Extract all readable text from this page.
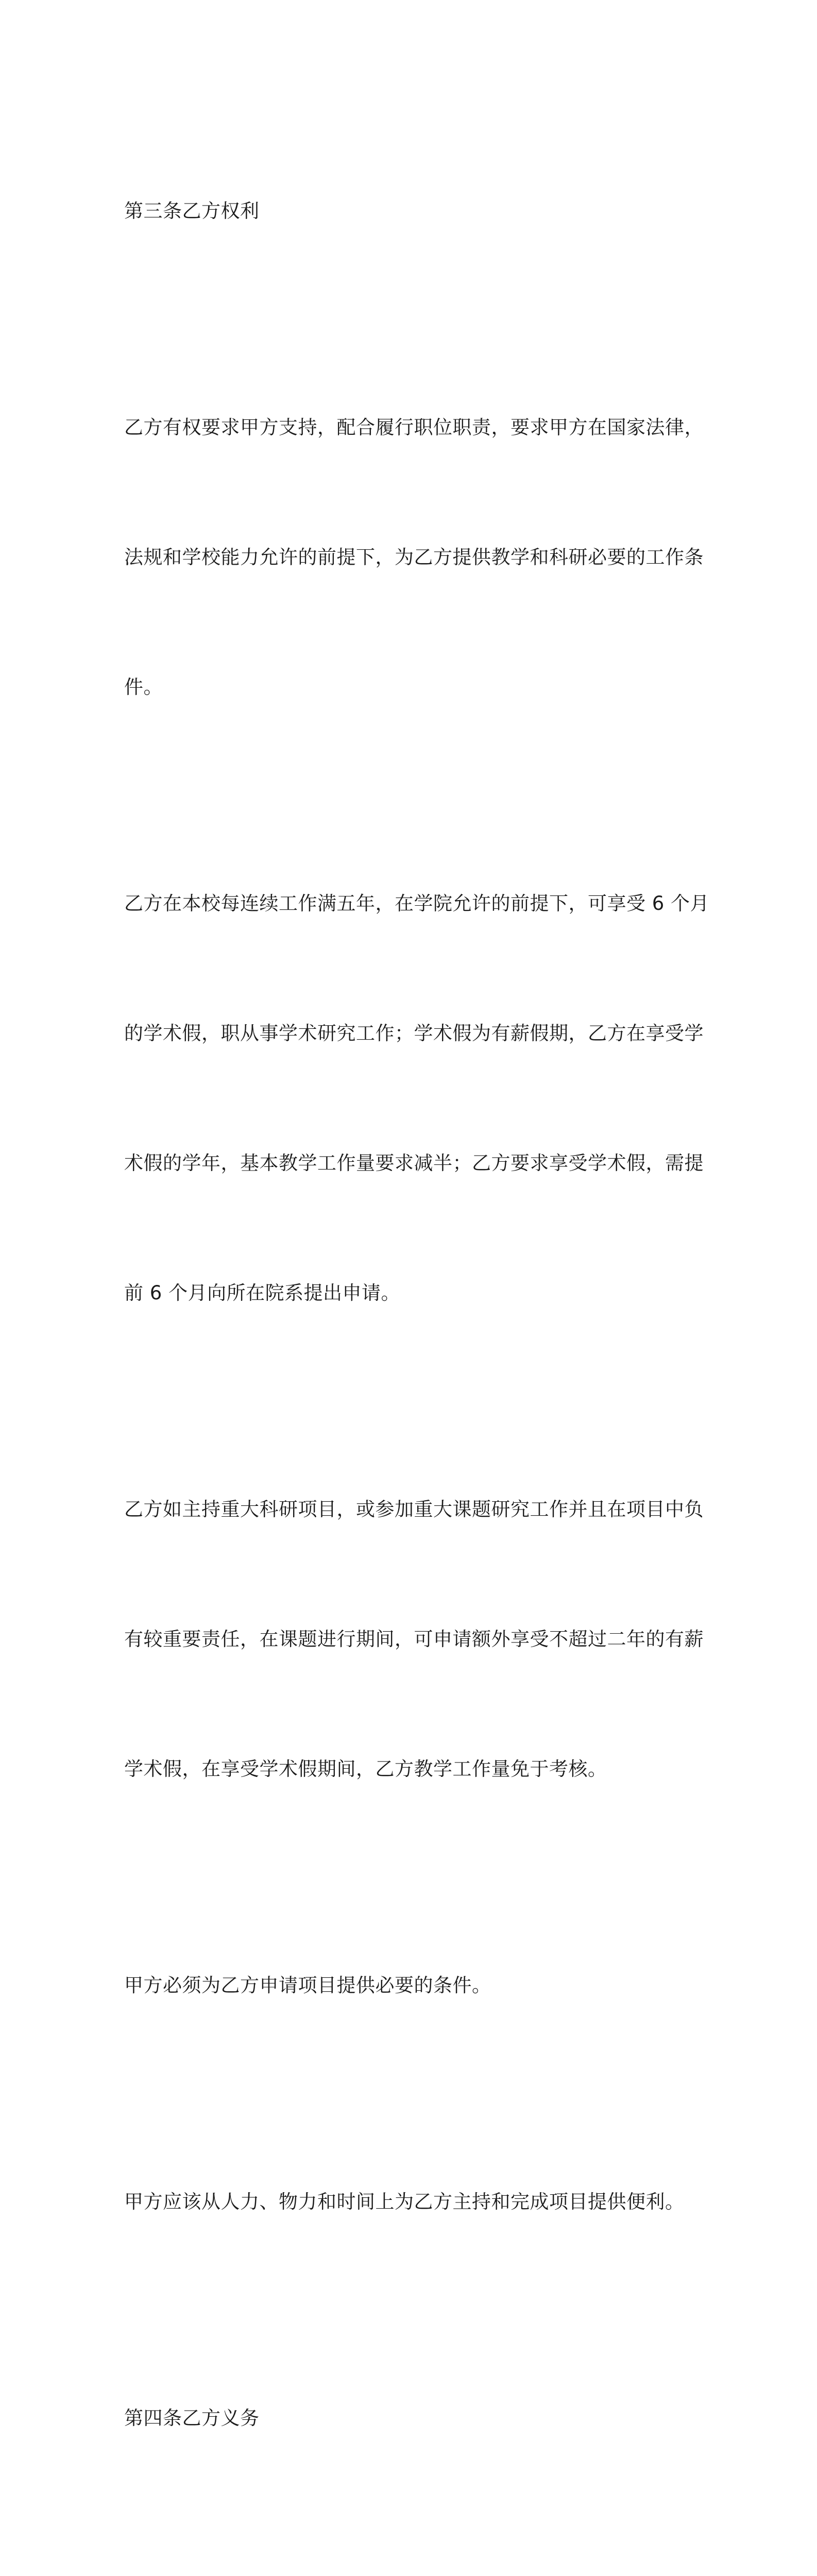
第三条乙方权利

乙方有权要求甲方支持，配合履行职位职责，要求甲方在国家法律，

法规和学校能力允许的前提下，为乙方提供教学和科研必要的工作条

件。

乙方在本校每连续工作满五年，在学院允许的前提下，可享受 6 个月

的学术假，职从事学术研究工作；学术假为有薪假期，乙方在享受学

术假的学年，基本教学工作量要求减半；乙方要求享受学术假，需提

前 6 个月向所在院系提出申请。

乙方如主持重大科研项目，或参加重大课题研究工作并且在项目中负

有较重要责任，在课题进行期间，可申请额外享受不超过二年的有薪

学术假，在享受学术假期间，乙方教学工作量免于考核。

甲方必须为乙方申请项目提供必要的条件。

甲方应该从人力、物力和时间上为乙方主持和完成项目提供便利。

第四条乙方义务
